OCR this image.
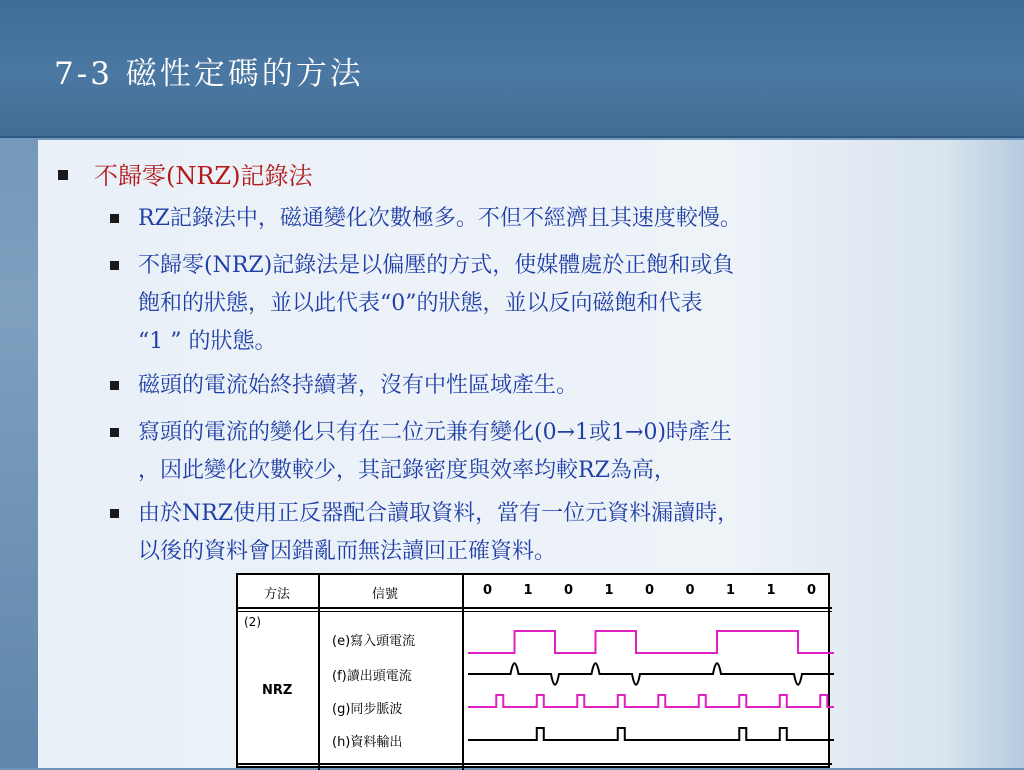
7-3 磁性定碼的方法
不歸零(NRZ)記錄法
RZ記錄法中，磁通變化次數極多。不但不經濟且其速度較慢。
不歸零(NRZ)記錄法是以偏壓的方式，使媒體處於正飽和或負
飽和的狀態，並以此代表“0”的狀態，並以反向磁飽和代表
“1 ” 的狀態。
磁頭的電流始終持續著，沒有中性區域產生。
寫頭的電流的變化只有在二位元兼有變化(0→1或1→0)時產生
，因此變化次數較少，其記錄密度與效率均較RZ為高，
由於NRZ使用正反器配合讀取資料，當有一位元資料漏讀時，
以後的資料會因錯亂而無法讀回正確資料。
方法	信號	0 1 0 1 0 0 1 1 0
(2)
NRZ
(e)寫入頭電流
(f)讀出頭電流
(g)同步脈波
(h)資料輸出
